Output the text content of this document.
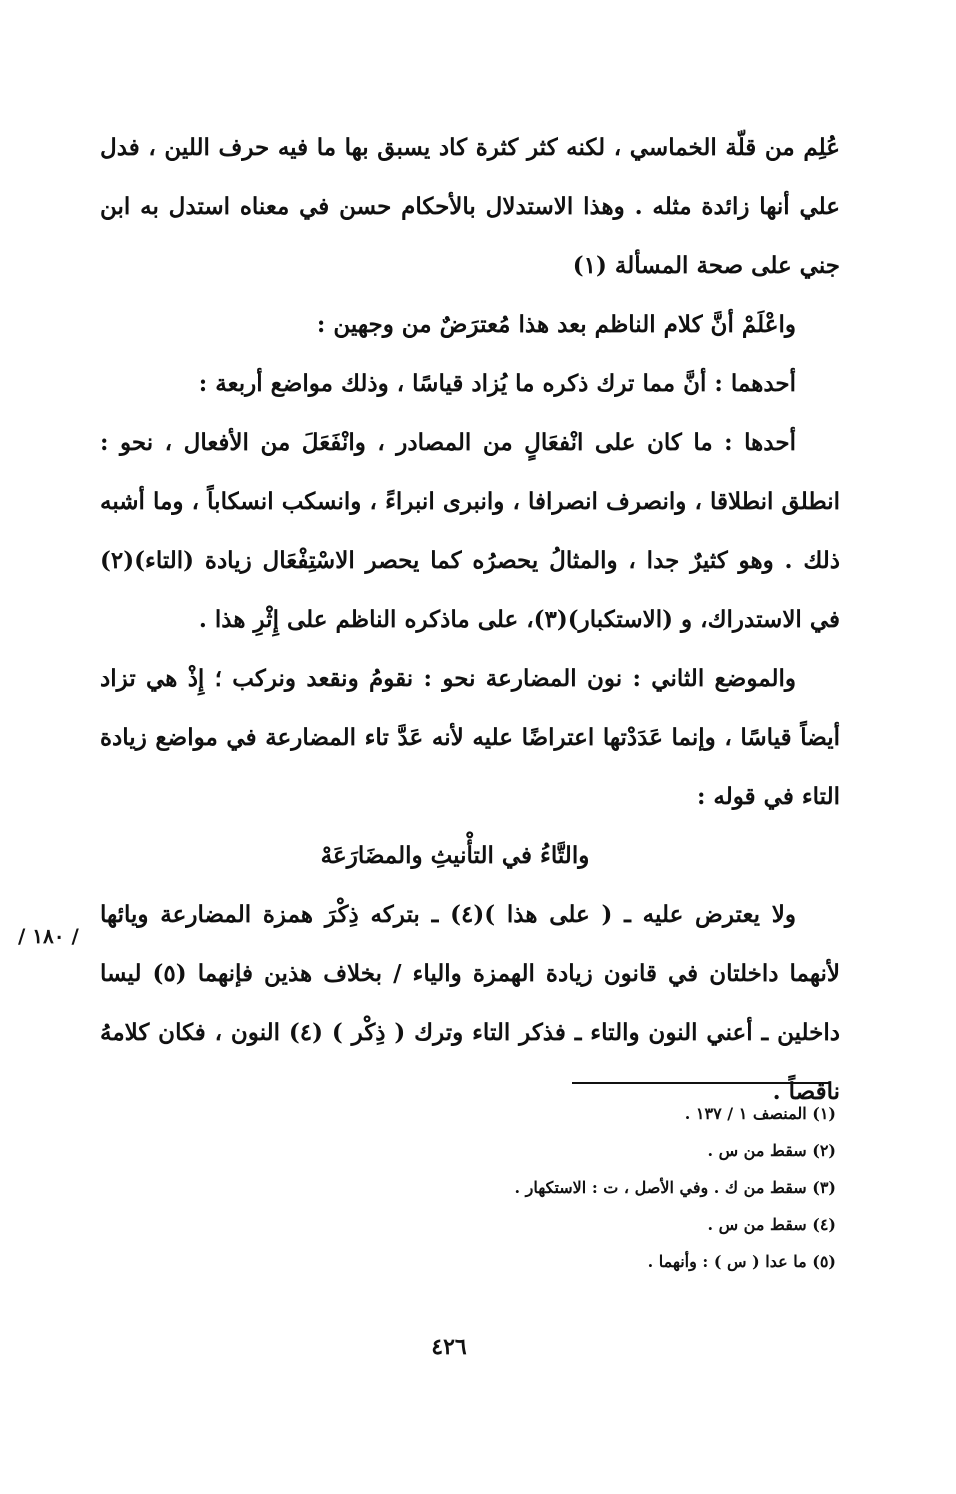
عُلِم من قلّة الخماسي ، لكنه كثر كثرة كاد يسبق بها ما فيه حرف اللين ، فدل علي أنها زائدة مثله . وهذا الاستدلال بالأحكام حسن في معناه استدل به ابن جني على صحة المسألة (١)

واعْلَمْ أنَّ كلام الناظم بعد هذا مُعترَضٌ من وجهين :

أحدهما : أنَّ مما ترك ذكره ما يُزاد قياسًا ، وذلك مواضع أربعة :

أحدها : ما كان على انْفعَالٍ من المصادر ، وانْفَعَلَ من الأفعال ، نحو : انطلق انطلاقا ، وانصرف انصرافا ، وانبرى انبراءً ، وانسكب انسكاباً ، وما أشبه ذلك . وهو كثيرٌ جدا ، والمثالُ يحصرُه كما يحصر الاسْتِفْعَال زيادة (التاء)(٢) في الاستدراك، و (الاستكبار)(٣)، على ماذكره الناظم على إِثْرِ هذا .

والموضع الثاني : نون المضارعة نحو : نقومُ ونقعد ونركب ؛ إِذْ هي تزاد أيضاً قياسًا ، وإنما عَدَدْتها اعتراضًا عليه لأنه عَدَّ تاء المضارعة في مواضع زيادة التاء في قوله :

والتَّاءُ في التأْنيثِ والمضَارَعَهْ

ولا يعترض عليه ـ ( على هذا )(٤) ـ بتركه ذِكْرَ همزة المضارعة ويائها لأنهما داخلتان في قانون زيادة الهمزة والياء / بخلاف هذين فإنهما (٥) ليسا داخلين ـ أعني النون والتاء ـ فذكر التاء وترك ( ذِكْر ) (٤) النون ، فكان كلامهُ ناقصاً .

/ ١٨٠ /
(١) المنصف ١ / ١٣٧ .
(٢) سقط من س .
(٣) سقط من ك . وفي الأصل ، ت : الاستكهار .
(٤) سقط من س .
(٥) ما عدا ( س ) : وأنهما .
٤٢٦
